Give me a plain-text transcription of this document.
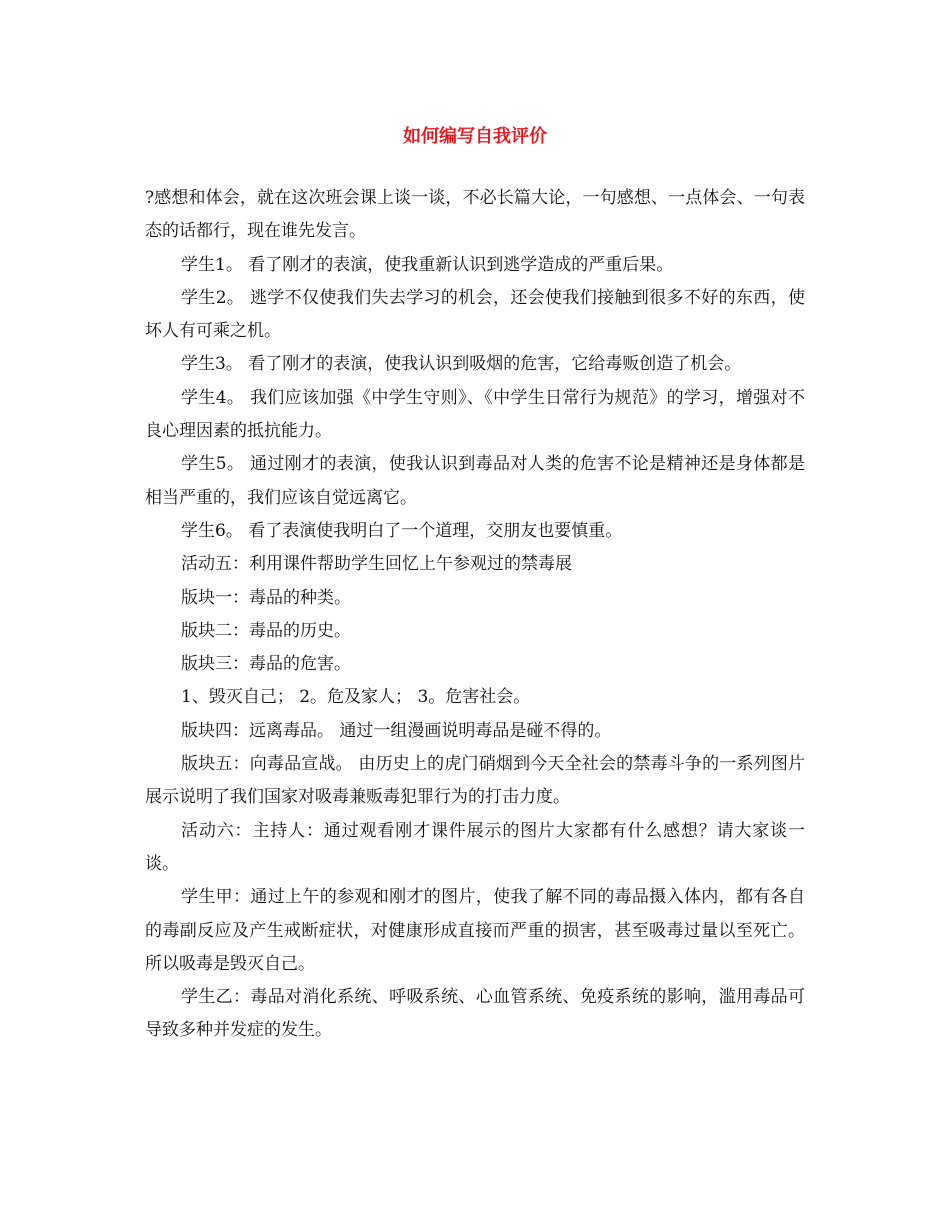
如何编写自我评价

?感想和体会，就在这次班会课上谈一谈，不必长篇大论，一句感想、一点体会、一句表态的话都行，现在谁先发言。

学生1。 看了刚才的表演，使我重新认识到逃学造成的严重后果。

学生2。 逃学不仅使我们失去学习的机会，还会使我们接触到很多不好的东西，使坏人有可乘之机。

学生3。 看了刚才的表演，使我认识到吸烟的危害，它给毒贩创造了机会。

学生4。 我们应该加强《中学生守则》、《中学生日常行为规范》的学习，增强对不良心理因素的抵抗能力。

学生5。 通过刚才的表演，使我认识到毒品对人类的危害不论是精神还是身体都是相当严重的，我们应该自觉远离它。

学生6。 看了表演使我明白了一个道理，交朋友也要慎重。

活动五：利用课件帮助学生回忆上午参观过的禁毒展

版块一：毒品的种类。

版块二：毒品的历史。

版块三：毒品的危害。

1、毁灭自己； 2。危及家人； 3。危害社会。

版块四：远离毒品。 通过一组漫画说明毒品是碰不得的。

版块五：向毒品宣战。 由历史上的虎门硝烟到今天全社会的禁毒斗争的一系列图片展示说明了我们国家对吸毒兼贩毒犯罪行为的打击力度。

活动六：主持人：通过观看刚才课件展示的图片大家都有什么感想？请大家谈一谈。

学生甲：通过上午的参观和刚才的图片，使我了解不同的毒品摄入体内，都有各自的毒副反应及产生戒断症状，对健康形成直接而严重的损害，甚至吸毒过量以至死亡。所以吸毒是毁灭自己。

学生乙：毒品对消化系统、呼吸系统、心血管系统、免疫系统的影响，滥用毒品可导致多种并发症的发生。
